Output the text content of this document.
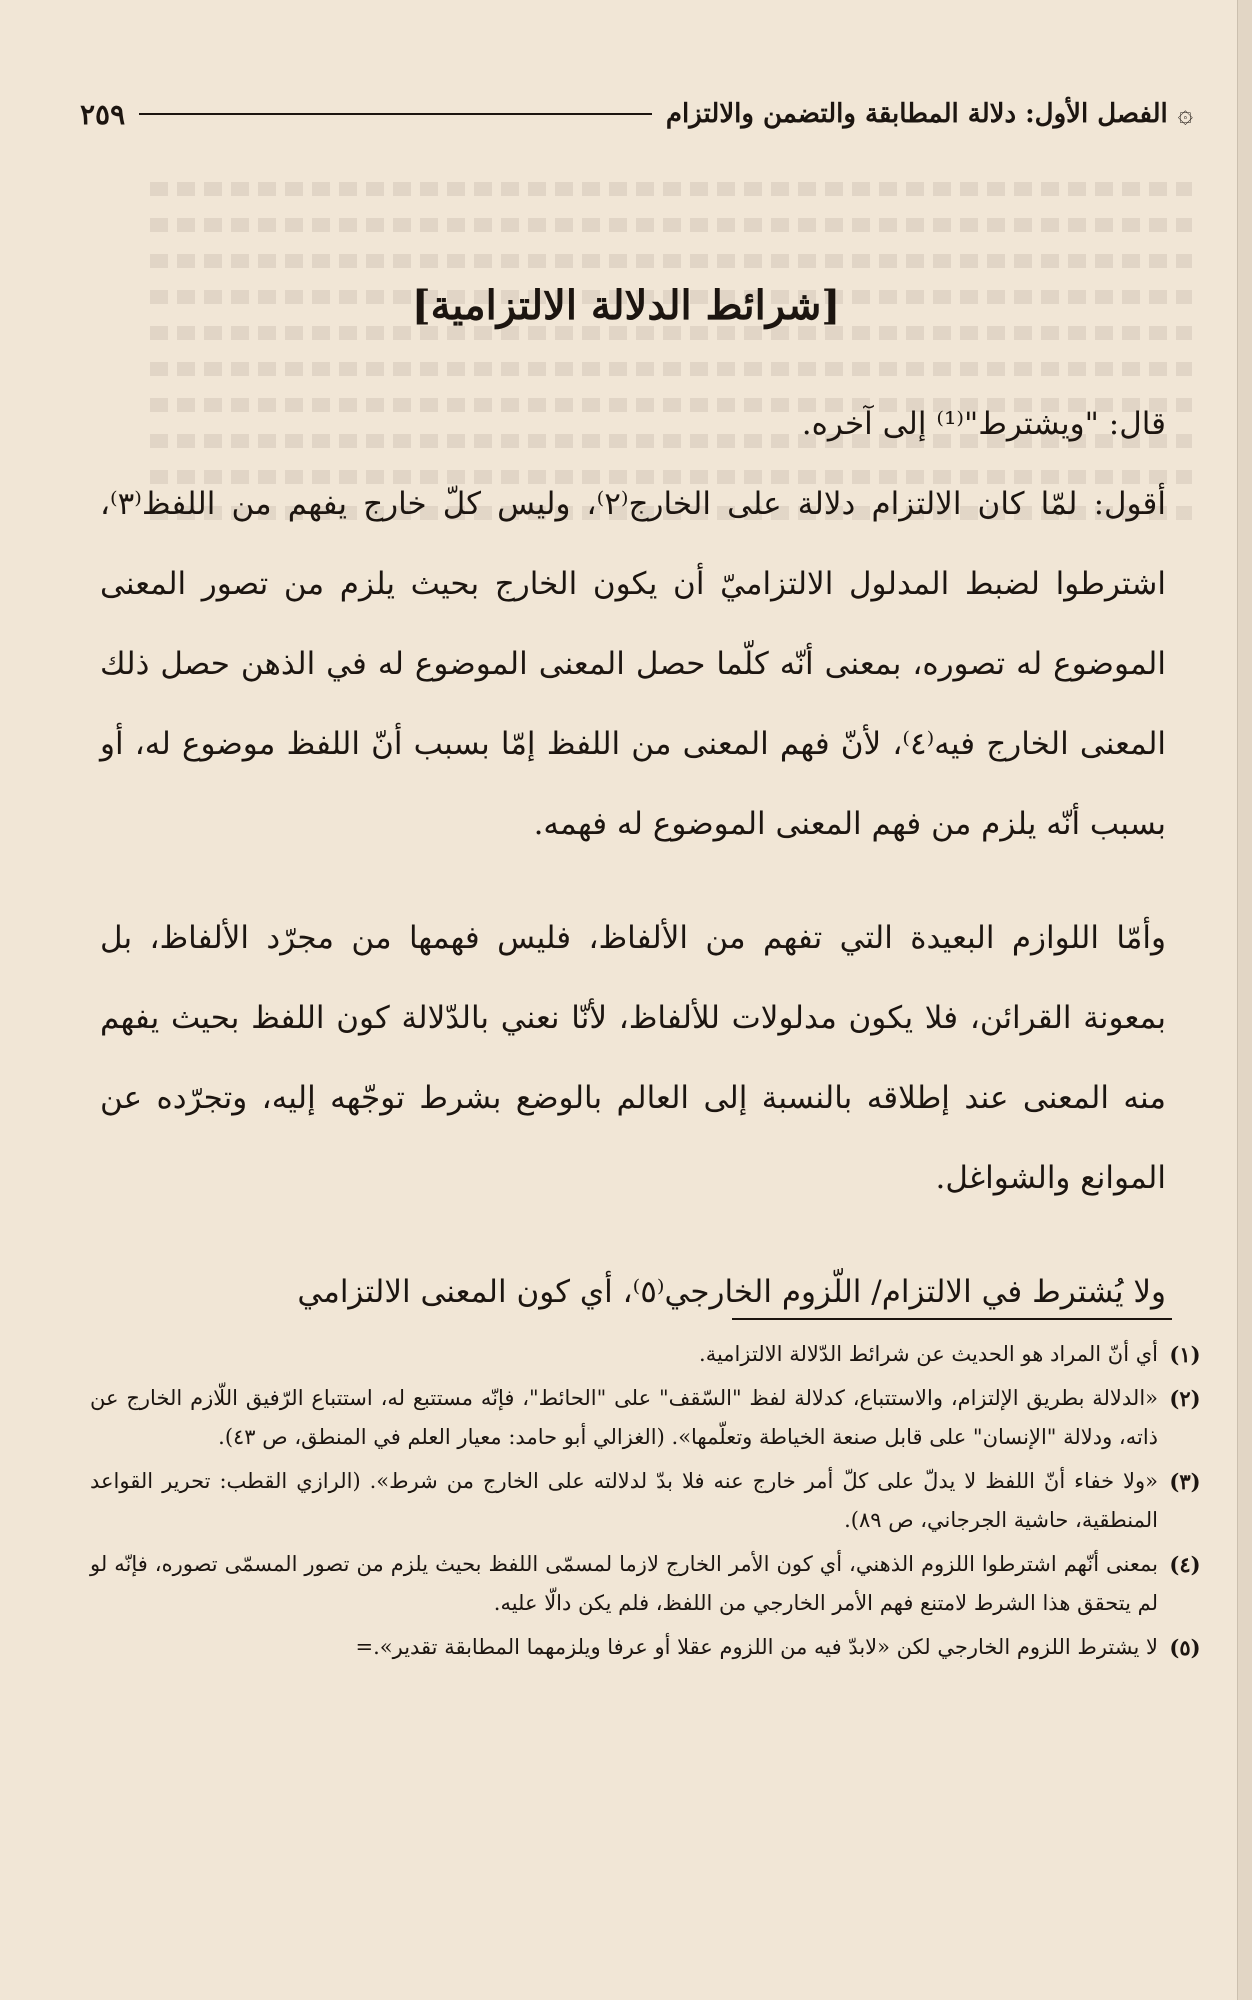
۞
الفصل الأول: دلالة المطابقة والتضمن والالتزام
٢٥٩
[شرائط الدلالة الالتزامية]

قال: "ويشترط"⁽¹⁾ إلى آخره.

أقول: لمّا كان الالتزام دلالة على الخارج⁽٢⁾، وليس كلّ خارج يفهم من اللفظ⁽٣⁾، اشترطوا لضبط المدلول الالتزاميّ أن يكون الخارج بحيث يلزم من تصور المعنى الموضوع له تصوره، بمعنى أنّه كلّما حصل المعنى الموضوع له في الذهن حصل ذلك المعنى الخارج فيه⁽٤⁾، لأنّ فهم المعنى من اللفظ إمّا بسبب أنّ اللفظ موضوع له، أو بسبب أنّه يلزم من فهم المعنى الموضوع له فهمه.

وأمّا اللوازم البعيدة التي تفهم من الألفاظ، فليس فهمها من مجرّد الألفاظ، بل بمعونة القرائن، فلا يكون مدلولات للألفاظ، لأنّا نعني بالدّلالة كون اللفظ بحيث يفهم منه المعنى عند إطلاقه بالنسبة إلى العالم بالوضع بشرط توجّهه إليه، وتجرّده عن الموانع والشواغل.

ولا يُشترط في الالتزام/ اللّزوم الخارجي⁽٥⁾، أي كون المعنى الالتزامي

(١)
أي أنّ المراد هو الحديث عن شرائط الدّلالة الالتزامية.
(٢)
«الدلالة بطريق الإلتزام، والاستتباع، كدلالة لفظ "السّقف" على "الحائط"، فإنّه مستتبع له، استتباع الرّفيق اللّازم الخارج عن ذاته، ودلالة "الإنسان" على قابل صنعة الخياطة وتعلّمها». (الغزالي أبو حامد: معيار العلم في المنطق، ص ٤٣).
(٣)
«ولا خفاء أنّ اللفظ لا يدلّ على كلّ أمر خارج عنه فلا بدّ لدلالته على الخارج من شرط». (الرازي القطب: تحرير القواعد المنطقية، حاشية الجرجاني، ص ٨٩).
(٤)
بمعنى أنّهم اشترطوا اللزوم الذهني، أي كون الأمر الخارج لازما لمسمّى اللفظ بحيث يلزم من تصور المسمّى تصوره، فإنّه لو لم يتحقق هذا الشرط لامتنع فهم الأمر الخارجي من اللفظ، فلم يكن دالّا عليه.
(٥)
لا يشترط اللزوم الخارجي لكن «لابدّ فيه من اللزوم عقلا أو عرفا ويلزمهما المطابقة تقدير».=
